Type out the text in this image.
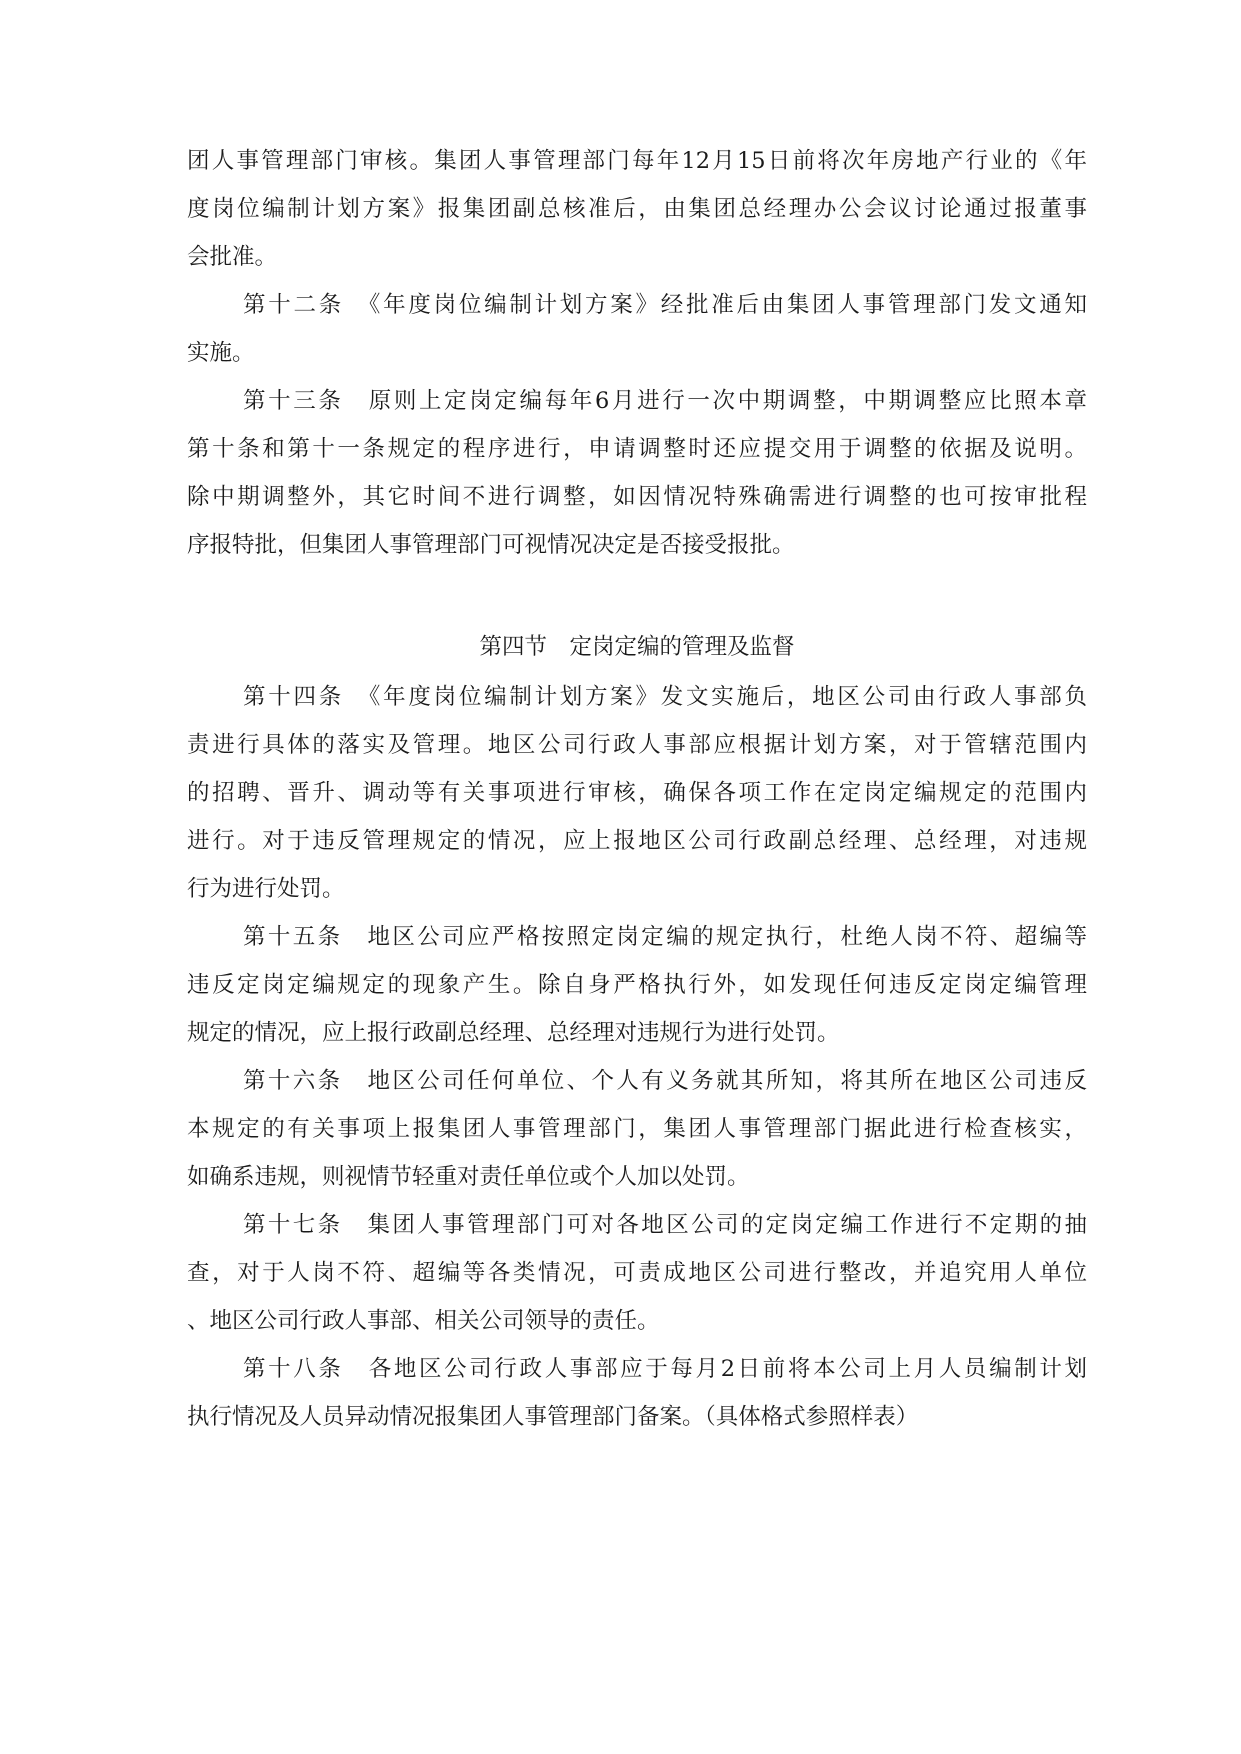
团人事管理部门审核。集团人事管理部门每年12月15日前将次年房地产行业的《年
度岗位编制计划方案》报集团副总核准后，由集团总经理办公会议讨论通过报董事
会批准。
第十二条　《年度岗位编制计划方案》经批准后由集团人事管理部门发文通知
实施。
第十三条　原则上定岗定编每年6月进行一次中期调整，中期调整应比照本章
第十条和第十一条规定的程序进行，申请调整时还应提交用于调整的依据及说明。
除中期调整外，其它时间不进行调整，如因情况特殊确需进行调整的也可按审批程
序报特批，但集团人事管理部门可视情况决定是否接受报批。
第四节　定岗定编的管理及监督
第十四条　《年度岗位编制计划方案》发文实施后，地区公司由行政人事部负
责进行具体的落实及管理。地区公司行政人事部应根据计划方案，对于管辖范围内
的招聘、晋升、调动等有关事项进行审核，确保各项工作在定岗定编规定的范围内
进行。对于违反管理规定的情况，应上报地区公司行政副总经理、总经理，对违规
行为进行处罚。
第十五条　地区公司应严格按照定岗定编的规定执行，杜绝人岗不符、超编等
违反定岗定编规定的现象产生。除自身严格执行外，如发现任何违反定岗定编管理
规定的情况，应上报行政副总经理、总经理对违规行为进行处罚。
第十六条　地区公司任何单位、个人有义务就其所知，将其所在地区公司违反
本规定的有关事项上报集团人事管理部门，集团人事管理部门据此进行检查核实，
如确系违规，则视情节轻重对责任单位或个人加以处罚。
第十七条　集团人事管理部门可对各地区公司的定岗定编工作进行不定期的抽
查，对于人岗不符、超编等各类情况，可责成地区公司进行整改，并追究用人单位
、地区公司行政人事部、相关公司领导的责任。
第十八条　各地区公司行政人事部应于每月2日前将本公司上月人员编制计划
执行情况及人员异动情况报集团人事管理部门备案。（具体格式参照样表）
